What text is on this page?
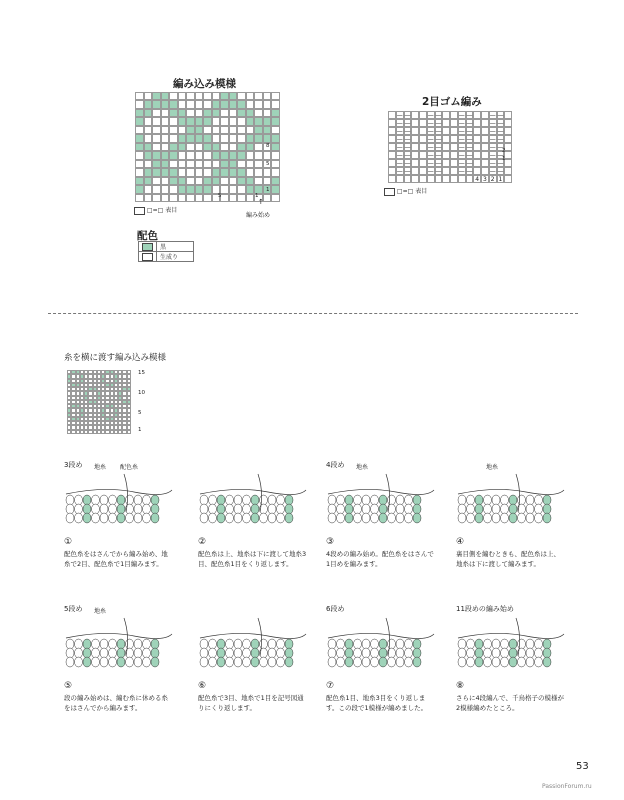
編み込み模様
8
5
1
5	1
□=□ 表目
↑
編み始め
配色
	黒
	生成り
2目ゴム編み
— —	— —	— —	— —
— —	— —	— —	— —
— —	— —	— —	— —
— —	— —	— —	— —
— —	— —	— —	— —
— —	— —	— —	— —
— —	— —	— —	— —
— —	— —	— —	— —
4 3 2 1
□=□ 表目
糸を横に渡す編み込み模様
15
10
5
1
3段め 地糸 配色糸
①
配色糸をはさんでから編み始め、地糸で2目、配色糸で1目編みます。
②
配色糸は上、地糸は下に渡して地糸3目、配色糸1目をくり返します。
4段め 地糸
③
4段めの編み始め。配色糸をはさんで1目めを編みます。
地糸
④
裏目側を編むときも、配色糸は上、地糸は下に渡して編みます。
5段め 地糸
⑤
段の編み始めは、編む糸に休める糸をはさんでから編みます。
⑥
配色糸で3目、地糸で1目を記号図通りにくり返します。
6段め
⑦
配色糸1目、地糸3目をくり返します。この段で1模様が編めました。
11段めの編み始め
⑧
さらに4段編んで、千鳥格子の模様が2模様編めたところ。
53
PassionForum.ru
2
1
